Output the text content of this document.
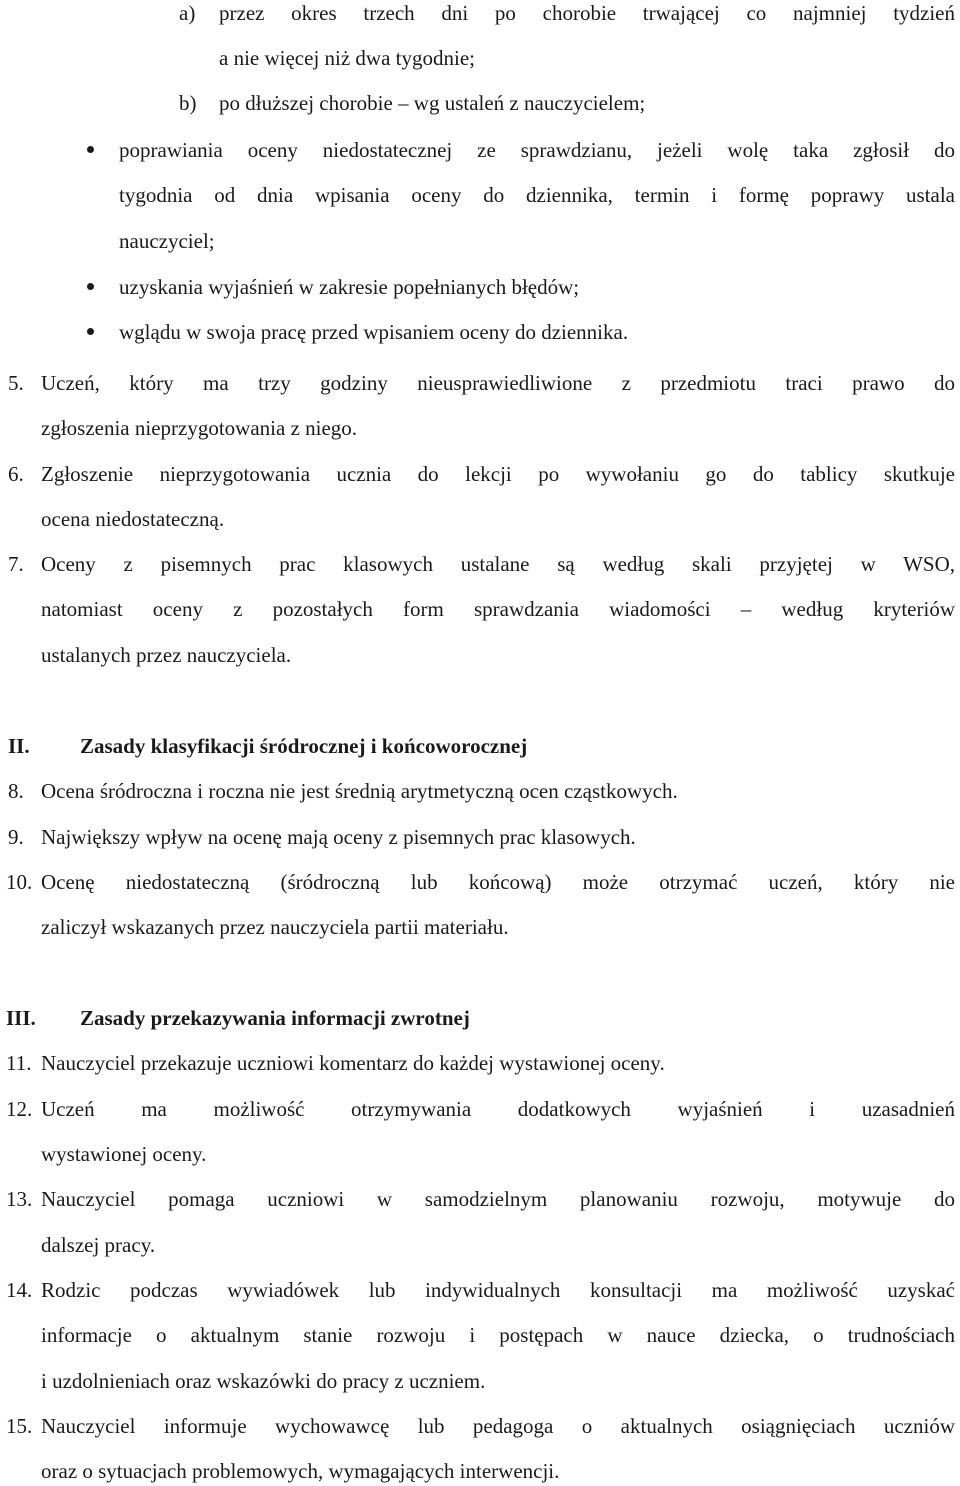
a) przez okres trzech dni po chorobie trwającej co najmniej tydzień
a nie więcej niż dwa tygodnie;
b) po dłuższej chorobie – wg ustaleń z nauczycielem;
poprawiania oceny niedostatecznej ze sprawdzianu, jeżeli wolę taka zgłosił do
tygodnia od dnia wpisania oceny do dziennika, termin i formę poprawy ustala
nauczyciel;
uzyskania wyjaśnień w zakresie popełnianych błędów;
wglądu w swoja pracę przed wpisaniem oceny do dziennika.
5. Uczeń, który ma trzy godziny nieusprawiedliwione z przedmiotu traci prawo do
zgłoszenia nieprzygotowania z niego.
6. Zgłoszenie nieprzygotowania ucznia do lekcji po wywołaniu go do tablicy skutkuje
ocena niedostateczną.
7. Oceny z pisemnych prac klasowych ustalane są według skali przyjętej w WSO,
natomiast oceny z pozostałych form sprawdzania wiadomości – według kryteriów
ustalanych przez nauczyciela.
II. Zasady klasyfikacji śródrocznej i końcoworocznej
8. Ocena śródroczna i roczna nie jest średnią arytmetyczną ocen cząstkowych.
9. Największy wpływ na ocenę mają oceny z pisemnych prac klasowych.
10. Ocenę niedostateczną (śródroczną lub końcową) może otrzymać uczeń, który nie
zaliczył wskazanych przez nauczyciela partii materiału.
III. Zasady przekazywania informacji zwrotnej
11. Nauczyciel przekazuje uczniowi komentarz do każdej wystawionej oceny.
12. Uczeń ma możliwość otrzymywania dodatkowych wyjaśnień i uzasadnień
wystawionej oceny.
13. Nauczyciel pomaga uczniowi w samodzielnym planowaniu rozwoju, motywuje do
dalszej pracy.
14. Rodzic podczas wywiadówek lub indywidualnych konsultacji ma możliwość uzyskać
informacje o aktualnym stanie rozwoju i postępach w nauce dziecka, o trudnościach
i uzdolnieniach oraz wskazówki do pracy z uczniem.
15. Nauczyciel informuje wychowawcę lub pedagoga o aktualnych osiągnięciach uczniów
oraz o sytuacjach problemowych, wymagających interwencji.
